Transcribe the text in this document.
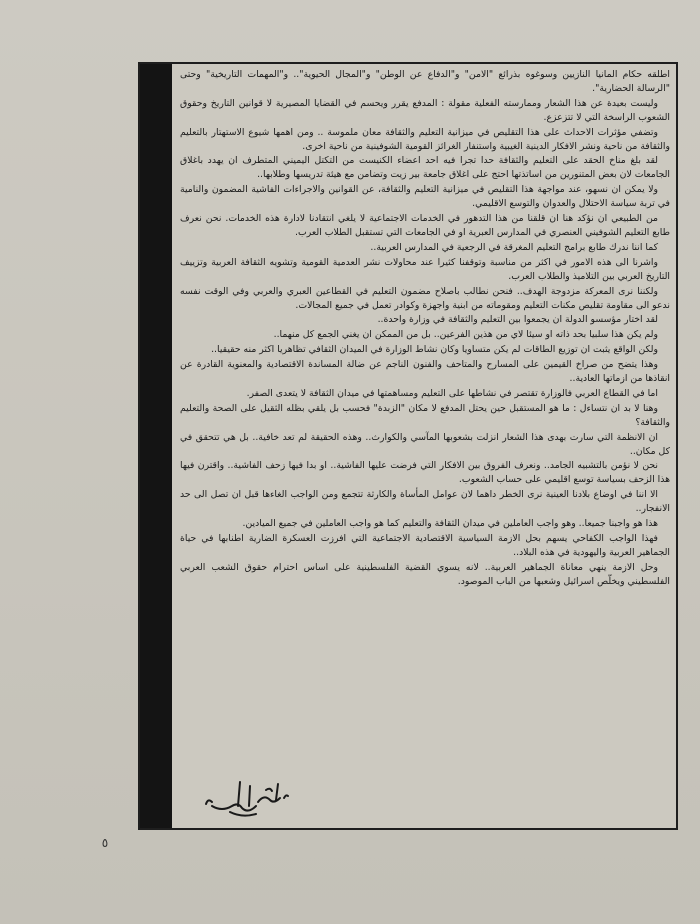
اطلقه حكام المانيا النازيين وسوغوه بذرائع "الامن" و"الدفاع عن الوطن" و"المجال الحيوية".. و"المهمات التاريخية" وحتى "الرسالة الحضارية".

وليست بعيدة عن هذا الشعار وممارسته الفعلية مقولة : المدفع يقرر ويحسم في القضايا المصيرية لا قوانين التاريخ وحقوق الشعوب الراسخة التي لا تتزعزع.

وتضفي مؤثرات الاحداث على هذا التقليص في ميزانية التعليم والثقافة معان ملموسة .. ومن اهمها شيوع الاستهتار بالتعليم والثقافة من ناحية ونشر الافكار الدينية الغيبية واستنفار الغرائز القومية الشوفينية من ناحية اخرى.

لقد بلغ مناخ الحقد على التعليم والثقافة حدا تجرا فيه احد اعضاء الكنيست من التكتل اليميني المتطرف ان يهدد باغلاق الجامعات لان بعض المتنورين من اساتذتها احتج على اغلاق جامعة بير زيت وتضامن مع هيئة تدريسها وطلابها..

ولا يمكن ان نسهو، عند مواجهة هذا التقليص في ميزانية التعليم والثقافة، عن القوانين والاجراءات الفاشية المضمون والنامية في تربة سياسة الاحتلال والعدوان والتوسع الاقليمي.

من الطبيعي ان نؤكد هنا ان قلقنا من هذا التدهور في الخدمات الاجتماعية لا يلغي انتقادنا لادارة هذه الخدمات. نحن نعرف طابع التعليم الشوفيني العنصري في المدارس العبرية او في الجامعات التي تستقبل الطلاب العرب.

كما اننا ندرك طابع برامج التعليم المغرقة في الرجعية في المدارس العربية..

واشرنا الى هذه الامور في اكثر من مناسبة وتوقفنا كثيرا عند محاولات نشر العدمية القومية وتشويه الثقافة العربية وتزييف التاريخ العربي بين التلاميذ والطلاب العرب.

ولكننا نرى المعركة مزدوجة الهدف.. فنحن نطالب باصلاح مضمون التعليم في القطاعين العبري والعربي وفي الوقت نفسه ندعو الى مقاومة تقليص مكنات التعليم ومقوماته من ابنية واجهزة وكوادر تعمل في جميع المجالات.

لقد اختار مؤسسو الدولة ان يجمعوا بين التعليم والثقافة في وزارة واحدة..

ولم يكن هذا سلبيا بحد ذاته او سيئا لاي من هذين الفرعين.. بل من الممكن ان يغني الجمع كل منهما..

ولكن الواقع يثبت ان توزيع الطاقات لم يكن متساويا وكان نشاط الوزارة في الميدان الثقافي تظاهريا اكثر منه حقيقيا..

وهذا يتضح من صراخ القيمين على المسارح والمتاحف والفنون الناجم عن ضالة المساندة الاقتصادية والمعنوية القادرة عن انقاذها من ازماتها العادية..

اما في القطاع العربي فالوزارة تقتصر في نشاطها على التعليم ومساهمتها في ميدان الثقافة لا يتعدى الصفر.

وهنا لا بد ان نتساءل : ما هو المستقبل حين يحتل المدفع لا مكان "الزبدة" فحسب بل يلقي بظله الثقيل على الصحة والتعليم والثقافة؟

ان الانظمة التي سارت بهدى هذا الشعار انزلت بشعوبها المآسي والكوارث.. وهذه الحقيقة لم تعد خافية.. بل هي تتحقق في كل مكان..

نحن لا نؤمن بالتشبيه الجامد.. ونعرف الفروق بين الافكار التي فرضت عليها الفاشية.. او بدا فيها زحف الفاشية.. واقترن فيها هذا الزحف بسياسة توسع اقليمي على حساب الشعوب.

الا اننا في اوضاع بلادنا العينية نرى الخطر داهما لان عوامل المأساة والكارثة تتجمع ومن الواجب الغاءها قبل ان تصل الى حد الانفجار..

هذا هو واجبنا جميعا.. وهو واجب العاملين في ميدان الثقافة والتعليم كما هو واجب العاملين في جميع الميادين.

فهذا الواجب الكفاحي يسهم بحل الازمة السياسية الاقتصادية الاجتماعية التي افرزت العسكرة الضارية اطنابها في حياة الجماهير العربية واليهودية في هذه البلاد..

وحل الازمة ينهي معاناة الجماهير العربية.. لانه يسوي القضية الفلسطينية على اساس احترام حقوق الشعب العربي الفلسطيني ويخلّص اسرائيل وشعبها من الباب الموصود.

٥
